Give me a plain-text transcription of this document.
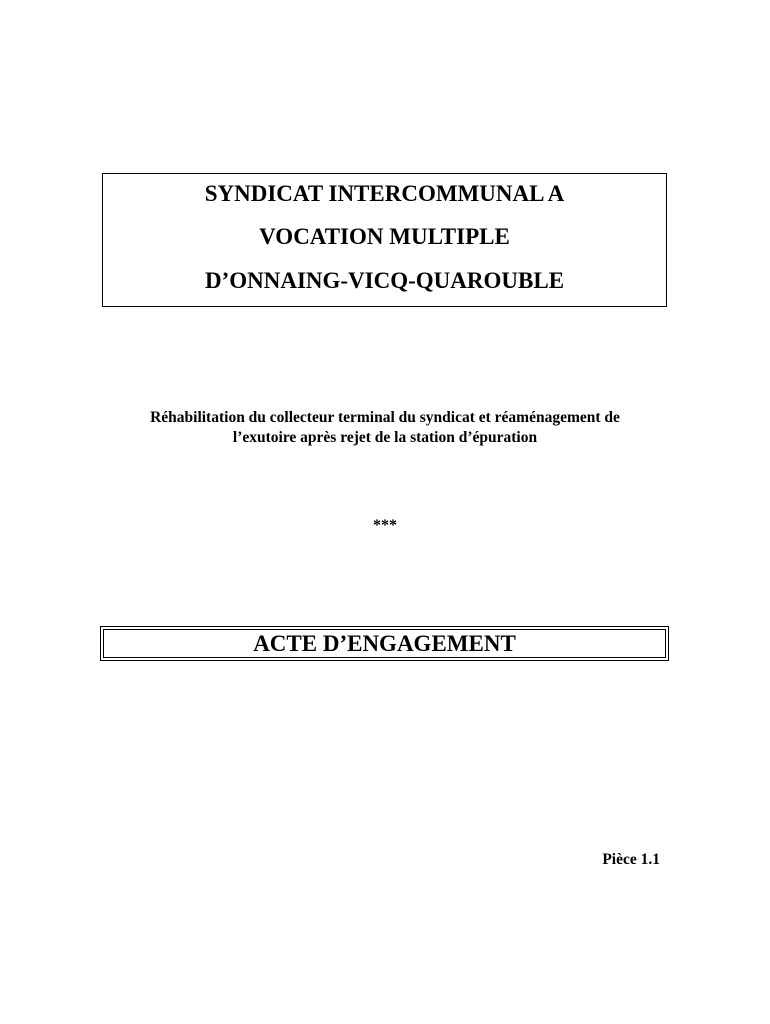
SYNDICAT INTERCOMMUNAL A
VOCATION MULTIPLE
D’ONNAING-VICQ-QUAROUBLE
Réhabilitation du collecteur terminal du syndicat et réaménagement de
l’exutoire après rejet de la station d’épuration
***
ACTE D’ENGAGEMENT
Pièce 1.1
